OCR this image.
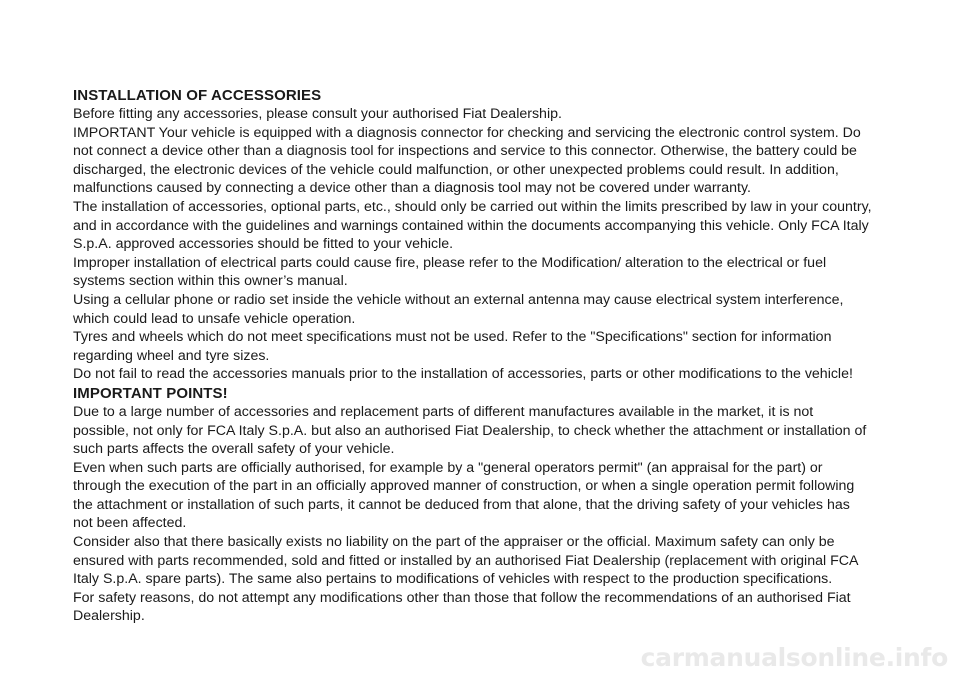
INSTALLATION OF ACCESSORIES

Before fitting any accessories, please consult your authorised Fiat Dealership.

IMPORTANT Your vehicle is equipped with a diagnosis connector for checking and servicing the electronic control system. Do not connect a device other than a diagnosis tool for inspections and service to this connector. Otherwise, the battery could be discharged, the electronic devices of the vehicle could malfunction, or other unexpected problems could result. In addition, malfunctions caused by connecting a device other than a diagnosis tool may not be covered under warranty.

The installation of accessories, optional parts, etc., should only be carried out within the limits prescribed by law in your country, and in accordance with the guidelines and warnings contained within the documents accompanying this vehicle. Only FCA Italy S.p.A. approved accessories should be fitted to your vehicle.

Improper installation of electrical parts could cause fire, please refer to the Modification/ alteration to the electrical or fuel systems section within this owner’s manual.

Using a cellular phone or radio set inside the vehicle without an external antenna may cause electrical system interference, which could lead to unsafe vehicle operation.

Tyres and wheels which do not meet specifications must not be used. Refer to the "Specifications" section for information regarding wheel and tyre sizes.

Do not fail to read the accessories manuals prior to the installation of accessories, parts or other modifications to the vehicle!

IMPORTANT POINTS!

Due to a large number of accessories and replacement parts of different manufactures available in the market, it is not possible, not only for FCA Italy S.p.A. but also an authorised Fiat Dealership, to check whether the attachment or installation of such parts affects the overall safety of your vehicle.

Even when such parts are officially authorised, for example by a "general operators permit" (an appraisal for the part) or through the execution of the part in an officially approved manner of construction, or when a single operation permit following the attachment or installation of such parts, it cannot be deduced from that alone, that the driving safety of your vehicles has not been affected.

Consider also that there basically exists no liability on the part of the appraiser or the official. Maximum safety can only be ensured with parts recommended, sold and fitted or installed by an authorised Fiat Dealership (replacement with original FCA Italy S.p.A. spare parts). The same also pertains to modifications of vehicles with respect to the production specifications.

For safety reasons, do not attempt any modifications other than those that follow the recommendations of an authorised Fiat Dealership.

carmanualsonline.info
